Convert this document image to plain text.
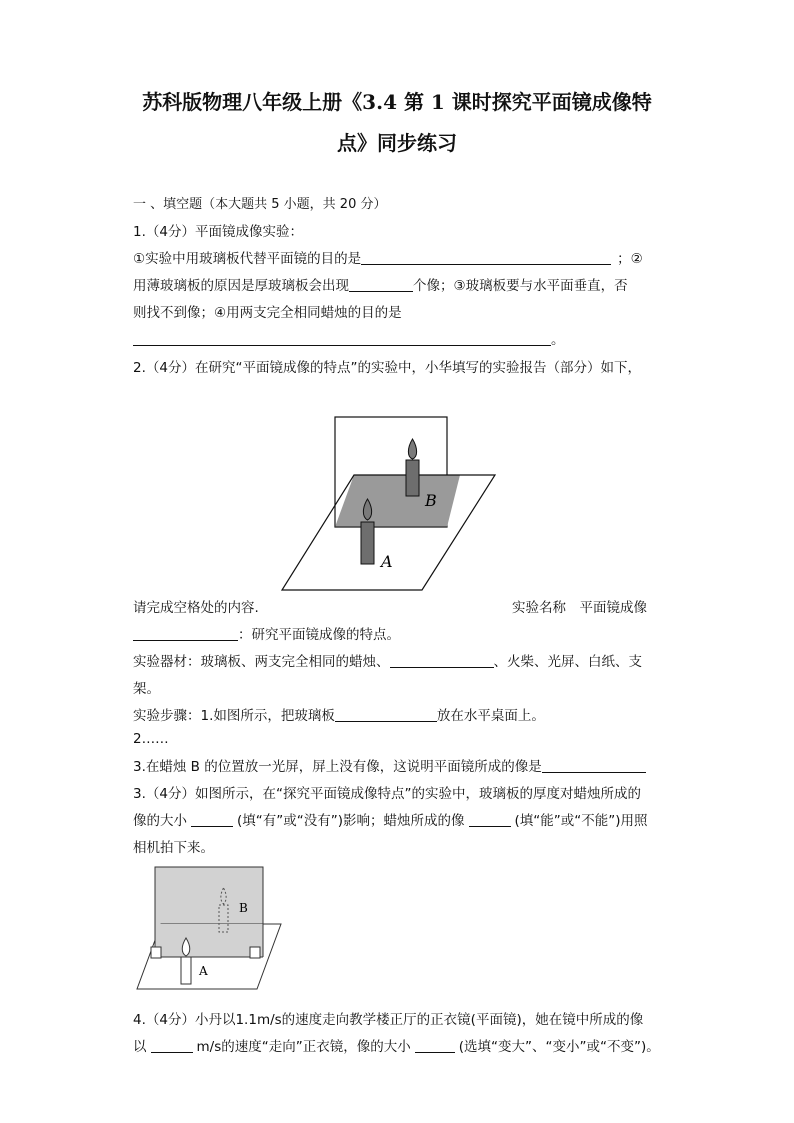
苏科版物理八年级上册《3.4 第 1 课时探究平面镜成像特
点》同步练习
一 、填空题（本大题共 5 小题，共 20 分）
1.（4分）平面镜成像实验：
①实验中用玻璃板代替平面镜的目的是	；②
用薄玻璃板的原因是厚玻璃板会出现	个像；③玻璃板要与水平面垂直，否
则找不到像；④用两支完全相同蜡烛的目的是
。
2.（4分）在研究“平面镜成像的特点”的实验中，小华填写的实验报告（部分）如下，
B
A
请完成空格处的内容.	实验名称　平面镜成像
：研究平面镜成像的特点。
实验器材：玻璃板、两支完全相同的蜡烛、	、火柴、光屏、白纸、支
架。
实验步骤：1.如图所示，把玻璃板	放在水平桌面上。
2……
3.在蜡烛 B 的位置放一光屏，屏上没有像，这说明平面镜所成的像是
3.（4分）如图所示，在“探究平面镜成像特点”的实验中，玻璃板的厚度对蜡烛所成的
像的大小	(填“有”或“没有”)影响；蜡烛所成的像	(填“能”或“不能”)用照
相机拍下来。
B
A
4.（4分）小丹以1.1m/s的速度走向教学楼正厅的正衣镜(平面镜)，她在镜中所成的像
以	m/s的速度“走向”正衣镜，像的大小	(选填“变大”、“变小”或“不变”)。
